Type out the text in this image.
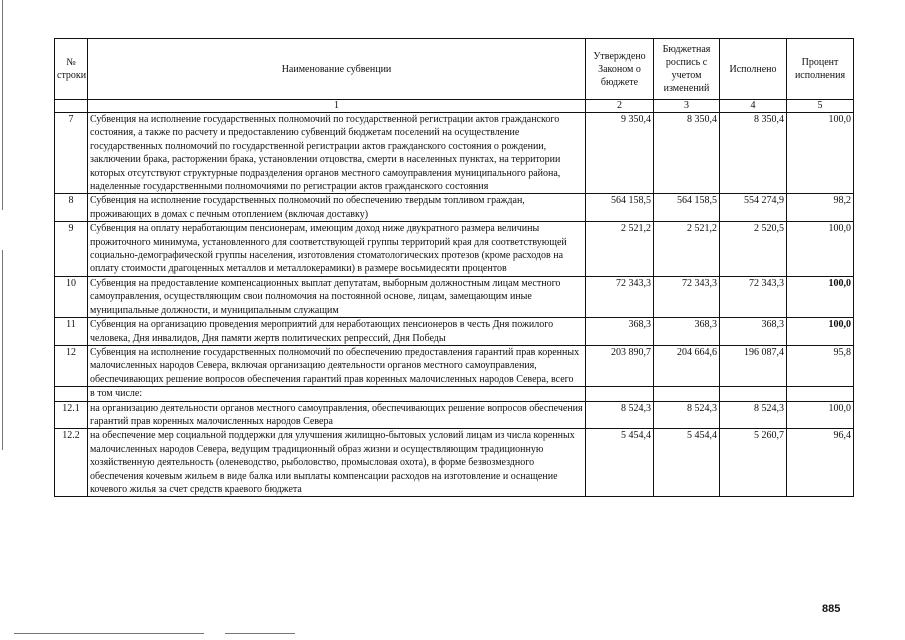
№ строки	Наименование субвенции	Утверждено Законом о бюджете	Бюджетная роспись с учетом изменений	Исполнено	Процент исполнения
	1	2	3	4	5
7	Субвенция на исполнение государственных полномочий по государственной регистрации актов гражданского состояния, а также по расчету и предоставлению субвенций бюджетам поселений на осуществление государственных полномочий по государственной регистрации актов гражданского состояния о рождении, заключении брака, расторжении брака, установлении отцовства, смерти в населенных пунктах, на территории которых отсутствуют структурные подразделения органов местного самоуправления муниципального района, наделенные государственными полномочиями по регистрации актов гражданского состояния	9 350,4	8 350,4	8 350,4	100,0
8	Субвенция на исполнение государственных полномочий по обеспечению твердым топливом граждан, проживающих в домах с печным отоплением (включая доставку)	564 158,5	564 158,5	554 274,9	98,2
9	Субвенция на оплату неработающим пенсионерам, имеющим доход ниже двукратного размера величины прожиточного минимума, установленного для соответствующей группы территорий края для соответствующей социально-демографической группы населения, изготовления стоматологических протезов (кроме расходов на оплату стоимости драгоценных металлов и металлокерамики) в размере восьмидесяти процентов	2 521,2	2 521,2	2 520,5	100,0
10	Субвенция на предоставление компенсационных выплат депутатам, выборным должностным лицам местного самоуправления, осуществляющим свои полномочия на постоянной основе, лицам, замещающим иные муниципальные должности, и муниципальным служащим	72 343,3	72 343,3	72 343,3	100,0
11	Субвенция на организацию проведения мероприятий для неработающих пенсионеров в честь Дня пожилого человека, Дня инвалидов, Дня памяти жертв политических репрессий, Дня Победы	368,3	368,3	368,3	100,0
12	Субвенция на исполнение государственных полномочий по обеспечению предоставления гарантий прав коренных малочисленных народов Севера, включая организацию деятельности органов местного самоуправления, обеспечивающих решение вопросов обеспечения гарантий прав коренных малочисленных народов Севера, всего	203 890,7	204 664,6	196 087,4	95,8
	в том числе:				
12.1	на организацию деятельности органов местного самоуправления, обеспечивающих решение вопросов обеспечения гарантий прав коренных малочисленных народов Севера	8 524,3	8 524,3	8 524,3	100,0
12.2	на обеспечение мер социальной поддержки для улучшения жилищно-бытовых условий лицам из числа коренных малочисленных народов Севера, ведущим традиционный образ жизни и осуществляющим традиционную хозяйственную деятельность (оленеводство, рыболовство, промысловая охота), в форме безвозмездного обеспечения кочевым жильем в виде балка или выплаты компенсации расходов на изготовление и оснащение кочевого жилья за счет средств краевого бюджета	5 454,4	5 454,4	5 260,7	96,4
885
